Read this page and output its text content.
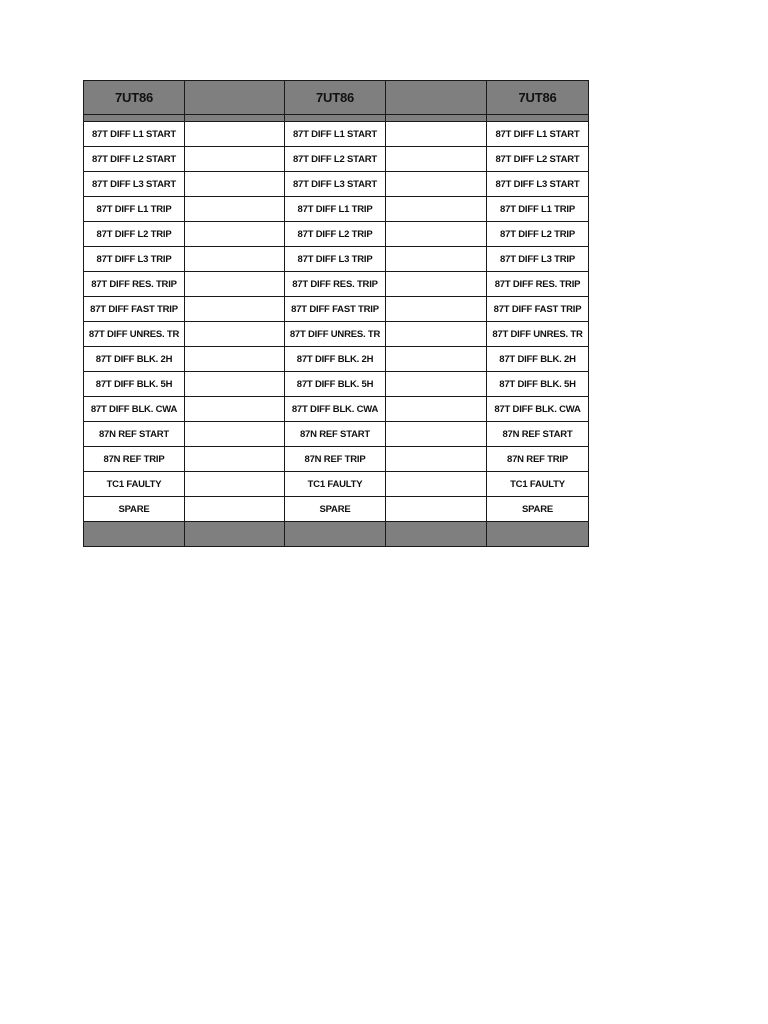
7UT86		7UT86		7UT86

87T DIFF L1 START		87T DIFF L1 START		87T DIFF L1 START
87T DIFF L2 START		87T DIFF L2 START		87T DIFF L2 START
87T DIFF L3 START		87T DIFF L3 START		87T DIFF L3 START
87T DIFF L1 TRIP		87T DIFF L1 TRIP		87T DIFF L1 TRIP
87T DIFF L2 TRIP		87T DIFF L2 TRIP		87T DIFF L2 TRIP
87T DIFF L3 TRIP		87T DIFF L3 TRIP		87T DIFF L3 TRIP
87T DIFF RES. TRIP		87T DIFF RES. TRIP		87T DIFF RES. TRIP
87T DIFF FAST TRIP		87T DIFF FAST TRIP		87T DIFF FAST TRIP
87T DIFF UNRES. TR		87T DIFF UNRES. TR		87T DIFF UNRES. TR
87T DIFF BLK. 2H		87T DIFF BLK. 2H		87T DIFF BLK. 2H
87T DIFF BLK. 5H		87T DIFF BLK. 5H		87T DIFF BLK. 5H
87T DIFF BLK. CWA		87T DIFF BLK. CWA		87T DIFF BLK. CWA
87N REF START		87N REF START		87N REF START
87N REF TRIP		87N REF TRIP		87N REF TRIP
TC1 FAULTY		TC1 FAULTY		TC1 FAULTY
SPARE		SPARE		SPARE
